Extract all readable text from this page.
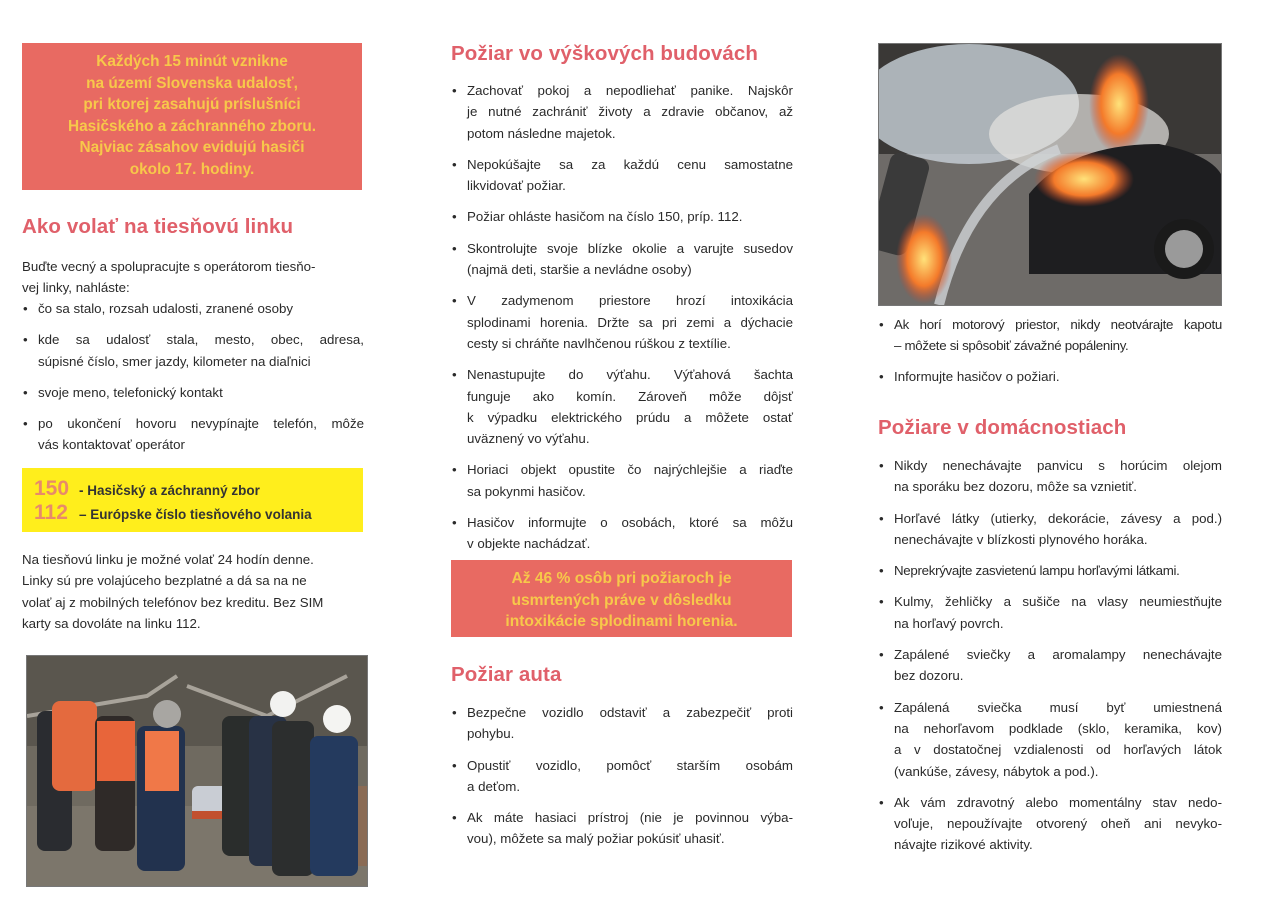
Každých 15 minút vznikne
na území Slovenska udalosť,
pri ktorej zasahujú príslušníci
Hasičského a záchranného zboru.
Najviac zásahov evidujú hasiči
okolo 17. hodiny.
Ako volať na tiesňovú linku

Buďte vecný a spolupracujte s operátorom tiesňo-

vej linky, nahláste:

• čo sa stalo, rozsah udalosti, zranené osoby
• kde sa udalosť stala, mesto, obec, adresa,
súpisné číslo, smer jazdy, kilometer na diaľnici
• svoje meno, telefonický kontakt
• po ukončení hovoru nevypínajte telefón, môže
vás kontaktovať operátor
150 - Hasičský a záchranný zbor
112 – Európske číslo tiesňového volania

Na tiesňovú linku je možné volať 24 hodín denne.

Linky sú pre volajúceho bezplatné a dá sa na ne

volať aj z mobilných telefónov bez kreditu. Bez SIM

karty sa dovoláte na linku 112.

Požiar vo výškových budovách
• Zachovať pokoj a nepodliehať panike. Najskôr
je nutné zachrániť životy a zdravie občanov, až
potom následne majetok.
• Nepokúšajte sa za každú cenu samostatne
likvidovať požiar.
• Požiar ohláste hasičom na číslo 150, príp. 112.
• Skontrolujte svoje blízke okolie a varujte susedov
(najmä deti, staršie a nevládne osoby)
• V zadymenom priestore hrozí intoxikácia
splodinami horenia. Držte sa pri zemi a dýchacie
cesty si chráňte navlhčenou rúškou z textílie.
• Nenastupujte do výťahu. Výťahová šachta
funguje ako komín. Zároveň môže dôjsť
k výpadku elektrického prúdu a môžete ostať
uväznený vo výťahu.
• Horiaci objekt opustite čo najrýchlejšie a riaďte
sa pokynmi hasičov.
• Hasičov informujte o osobách, ktoré sa môžu
v objekte nachádzať.
Až 46 % osôb pri požiaroch je
usmrtených práve v dôsledku
intoxikácie splodinami horenia.
Požiar auta
• Bezpečne vozidlo odstaviť a zabezpečiť proti
pohybu.
• Opustiť vozidlo, pomôcť starším osobám
a deťom.
• Ak máte hasiaci prístroj (nie je povinnou výba-
vou), môžete sa malý požiar pokúsiť uhasiť.
• Ak horí motorový priestor, nikdy neotvárajte kapotu
– môžete si spôsobiť závažné popáleniny.
• Informujte hasičov o požiari.
Požiare v domácnostiach
• Nikdy nenechávajte panvicu s horúcim olejom
na sporáku bez dozoru, môže sa vznietiť.
• Horľavé látky (utierky, dekorácie, závesy a pod.)
nenechávajte v blízkosti plynového horáka.
• Neprekrývajte zasvietenú lampu horľavými látkami.
• Kulmy, žehličky a sušiče na vlasy neumiestňujte
na horľavý povrch.
• Zapálené sviečky a aromalampy nenechávajte
bez dozoru.
• Zapálená sviečka musí byť umiestnená
na nehorľavom podklade (sklo, keramika, kov)
a v dostatočnej vzdialenosti od horľavých látok
(vankúše, závesy, nábytok a pod.).
• Ak vám zdravotný alebo momentálny stav nedo-
voľuje, nepoužívajte otvorený oheň ani nevyko-
návajte rizikové aktivity.
